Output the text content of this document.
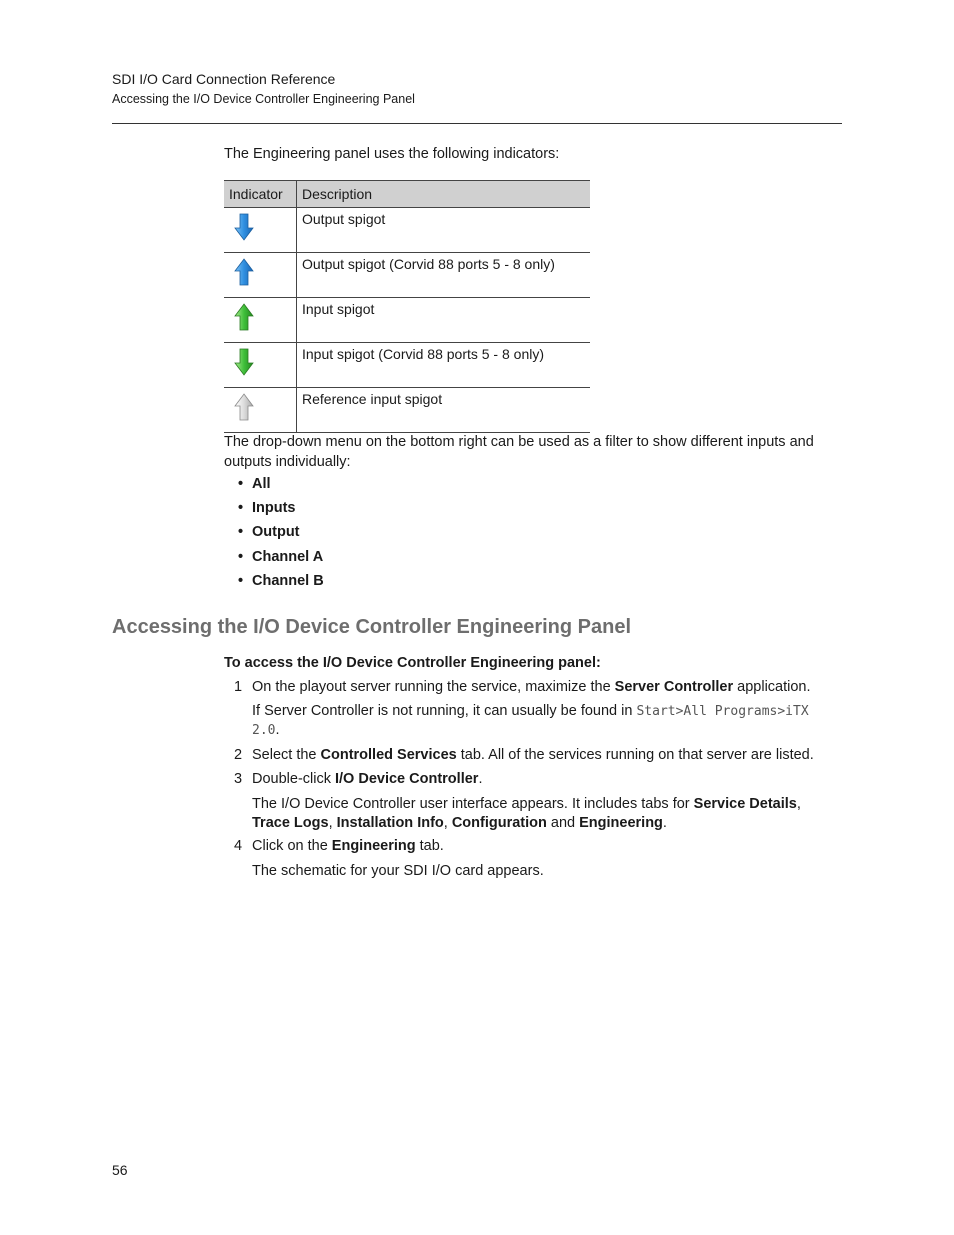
SDI I/O Card Connection Reference
Accessing the I/O Device Controller Engineering Panel
The Engineering panel uses the following indicators:
Indicator	Description

	Output spigot

	Output spigot (Corvid 88 ports 5 - 8 only)

	Input spigot

	Input spigot (Corvid 88 ports 5 - 8 only)

	Reference input spigot
The drop-down menu on the bottom right can be used as a filter to show different inputs and outputs individually:
• All
• Inputs
• Output
• Channel A
• Channel B
Accessing the I/O Device Controller Engineering Panel
To access the I/O Device Controller Engineering panel:
1 On the playout server running the service, maximize the Server Controller application.
If Server Controller is not running, it can usually be found in Start>All Programs>iTX
2.0.
2 Select the Controlled Services tab. All of the services running on that server are listed.
3 Double-click I/O Device Controller.
The I/O Device Controller user interface appears. It includes tabs for Service Details, Trace Logs, Installation Info, Configuration and Engineering.
4 Click on the Engineering tab.
The schematic for your SDI I/O card appears.
56
